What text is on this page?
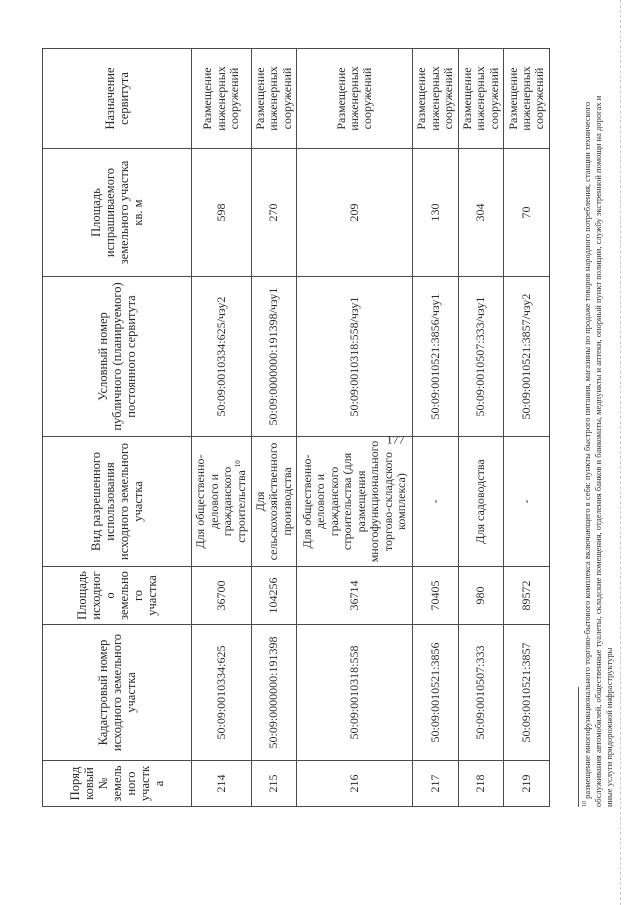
177
Порядковый № земельного участка	Кадастровый номер исходного земельного участка	Площадь исходного земельного участка	Вид разрешенного использования исходного земельного участка	Условный номер публичного (планируемого) постоянного сервитута	Площадь испрашиваемого земельного участка кв. м	Назначение сервитута
214	50:09:0010334:625	36700	Для общественно-делового и гражданского строительства $^{10}$	50:09:0010334:625/чзу2	598	Размещение инженерных сооружений
215	50:09:0000000:191398	104256	Для сельскохозяйственного производства	50:09:0000000:191398/чзу1	270	Размещение инженерных сооружений
216	50:09:0010318:558	36714	Для общественно-делового и гражданского строительства (для размещения многофункционального торгово-складского комплекса)	50:09:0010318:558/чзу1	209	Размещение инженерных сооружений
217	50:09:0010521:3856	70405	-	50:09:0010521:3856/чзу1	130	Размещение инженерных сооружений
218	50:09:0010507:333	980	Для садоводства	50:09:0010507:333/чзу1	304	Размещение инженерных сооружений
219	50:09:0010521:3857	89572	-	50:09:0010521:3857/чзу2	70	Размещение инженерных сооружений
$^{10}$ размещение многофункционального торгово-бытового комплекса включающего в себя: пункты быстрого питания, магазины по продаже товаров народного потребления, станции технического обслуживания автомобилей, общественные туалеты, складские помещения, отделения банков и банкоматы, медпункты и аптеки, опорный пункт полиции, службу экстренной помощи на дорогах и иные услуги придорожной инфраструктуры
